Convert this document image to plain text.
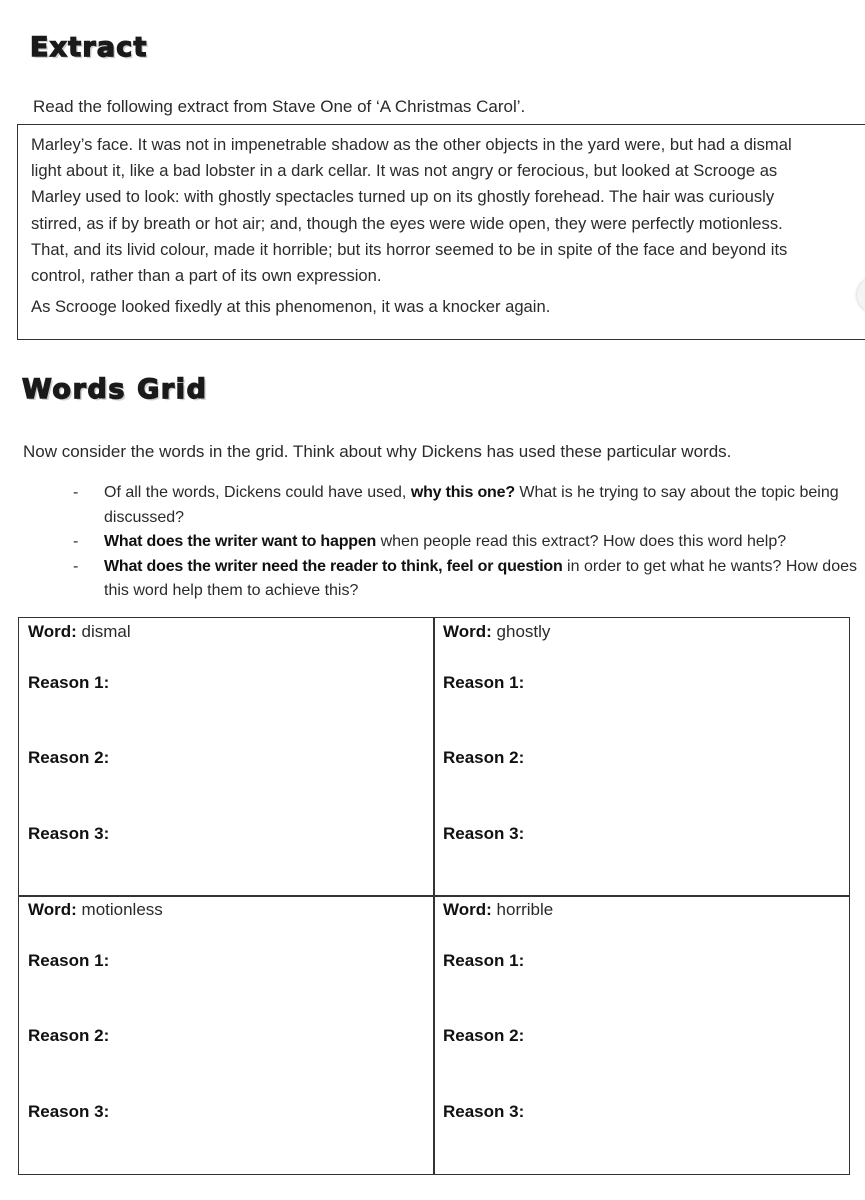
Extract
Read the following extract from Stave One of ‘A Christmas Carol’.
Marley’s face. It was not in impenetrable shadow as the other objects in the yard were, but had a dismal
light about it, like a bad lobster in a dark cellar. It was not angry or ferocious, but looked at Scrooge as
Marley used to look: with ghostly spectacles turned up on its ghostly forehead. The hair was curiously
stirred, as if by breath or hot air; and, though the eyes were wide open, they were perfectly motionless.
That, and its livid colour, made it horrible; but its horror seemed to be in spite of the face and beyond its
control, rather than a part of its own expression.
As Scrooge looked fixedly at this phenomenon, it was a knocker again.
Words Grid
Now consider the words in the grid. Think about why Dickens has used these particular words.
- Of all the words, Dickens could have used, why this one? What is he trying to say about the topic being discussed?
- What does the writer want to happen when people read this extract? How does this word help?
- What does the writer need the reader to think, feel or question in order to get what he wants? How does this word help them to achieve this?
Word: dismal
Reason 1:
Reason 2:
Reason 3:
Word: ghostly
Reason 1:
Reason 2:
Reason 3:
Word: motionless
Reason 1:
Reason 2:
Reason 3:
Word: horrible
Reason 1:
Reason 2:
Reason 3:
